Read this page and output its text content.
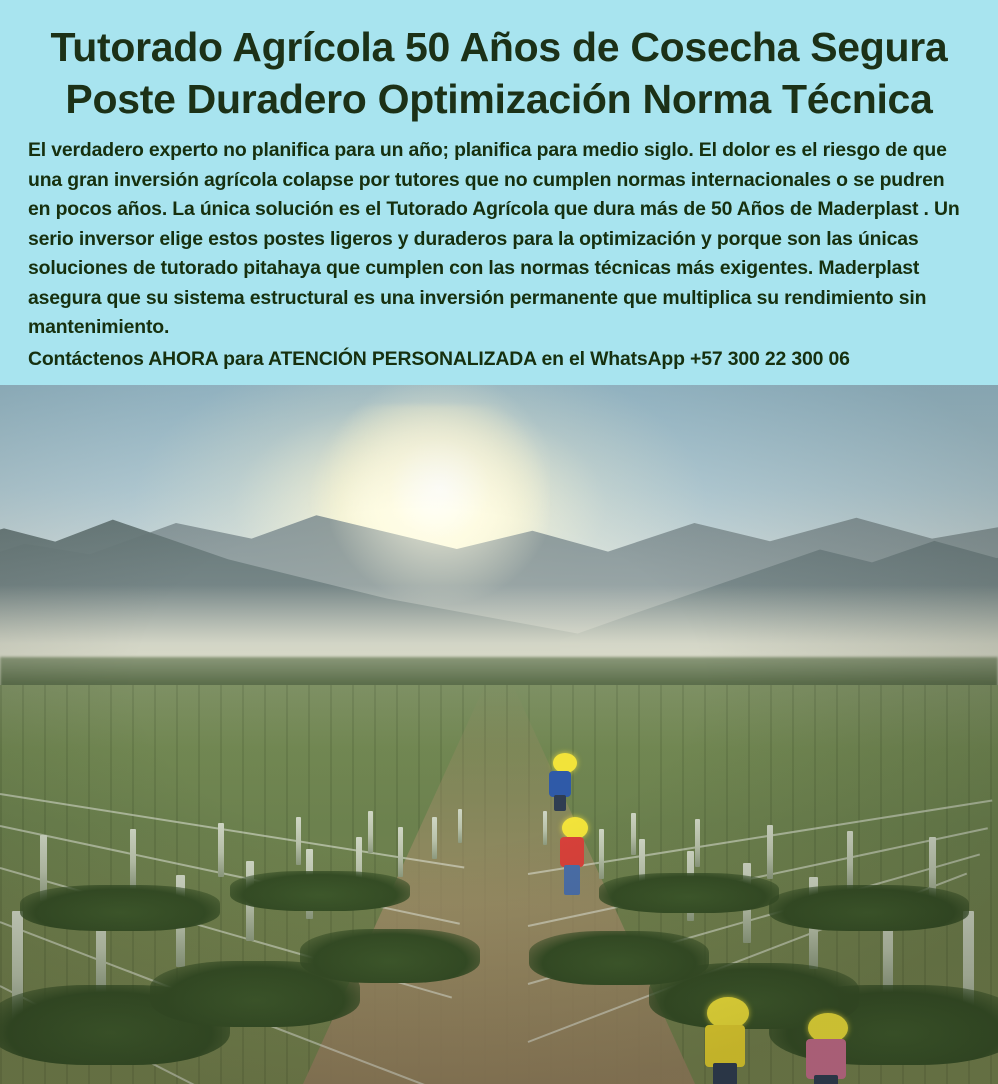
Tutorado Agrícola 50 Años de Cosecha Segura
Poste Duradero Optimización Norma Técnica

El verdadero experto no planifica para un año; planifica para medio siglo. El dolor es el riesgo de que una gran inversión agrícola colapse por tutores que no cumplen normas internacionales o se pudren en pocos años. La única solución es el Tutorado Agrícola que dura más de 50 Años de Maderplast . Un serio inversor elige estos postes ligeros y duraderos para la optimización y porque son las únicas soluciones de tutorado pitahaya que cumplen con las normas técnicas más exigentes. Maderplast asegura que su sistema estructural es una inversión permanente que multiplica su rendimiento sin mantenimiento.

Contáctenos AHORA para ATENCIÓN PERSONALIZADA en el WhatsApp +57 300 22 300 06
